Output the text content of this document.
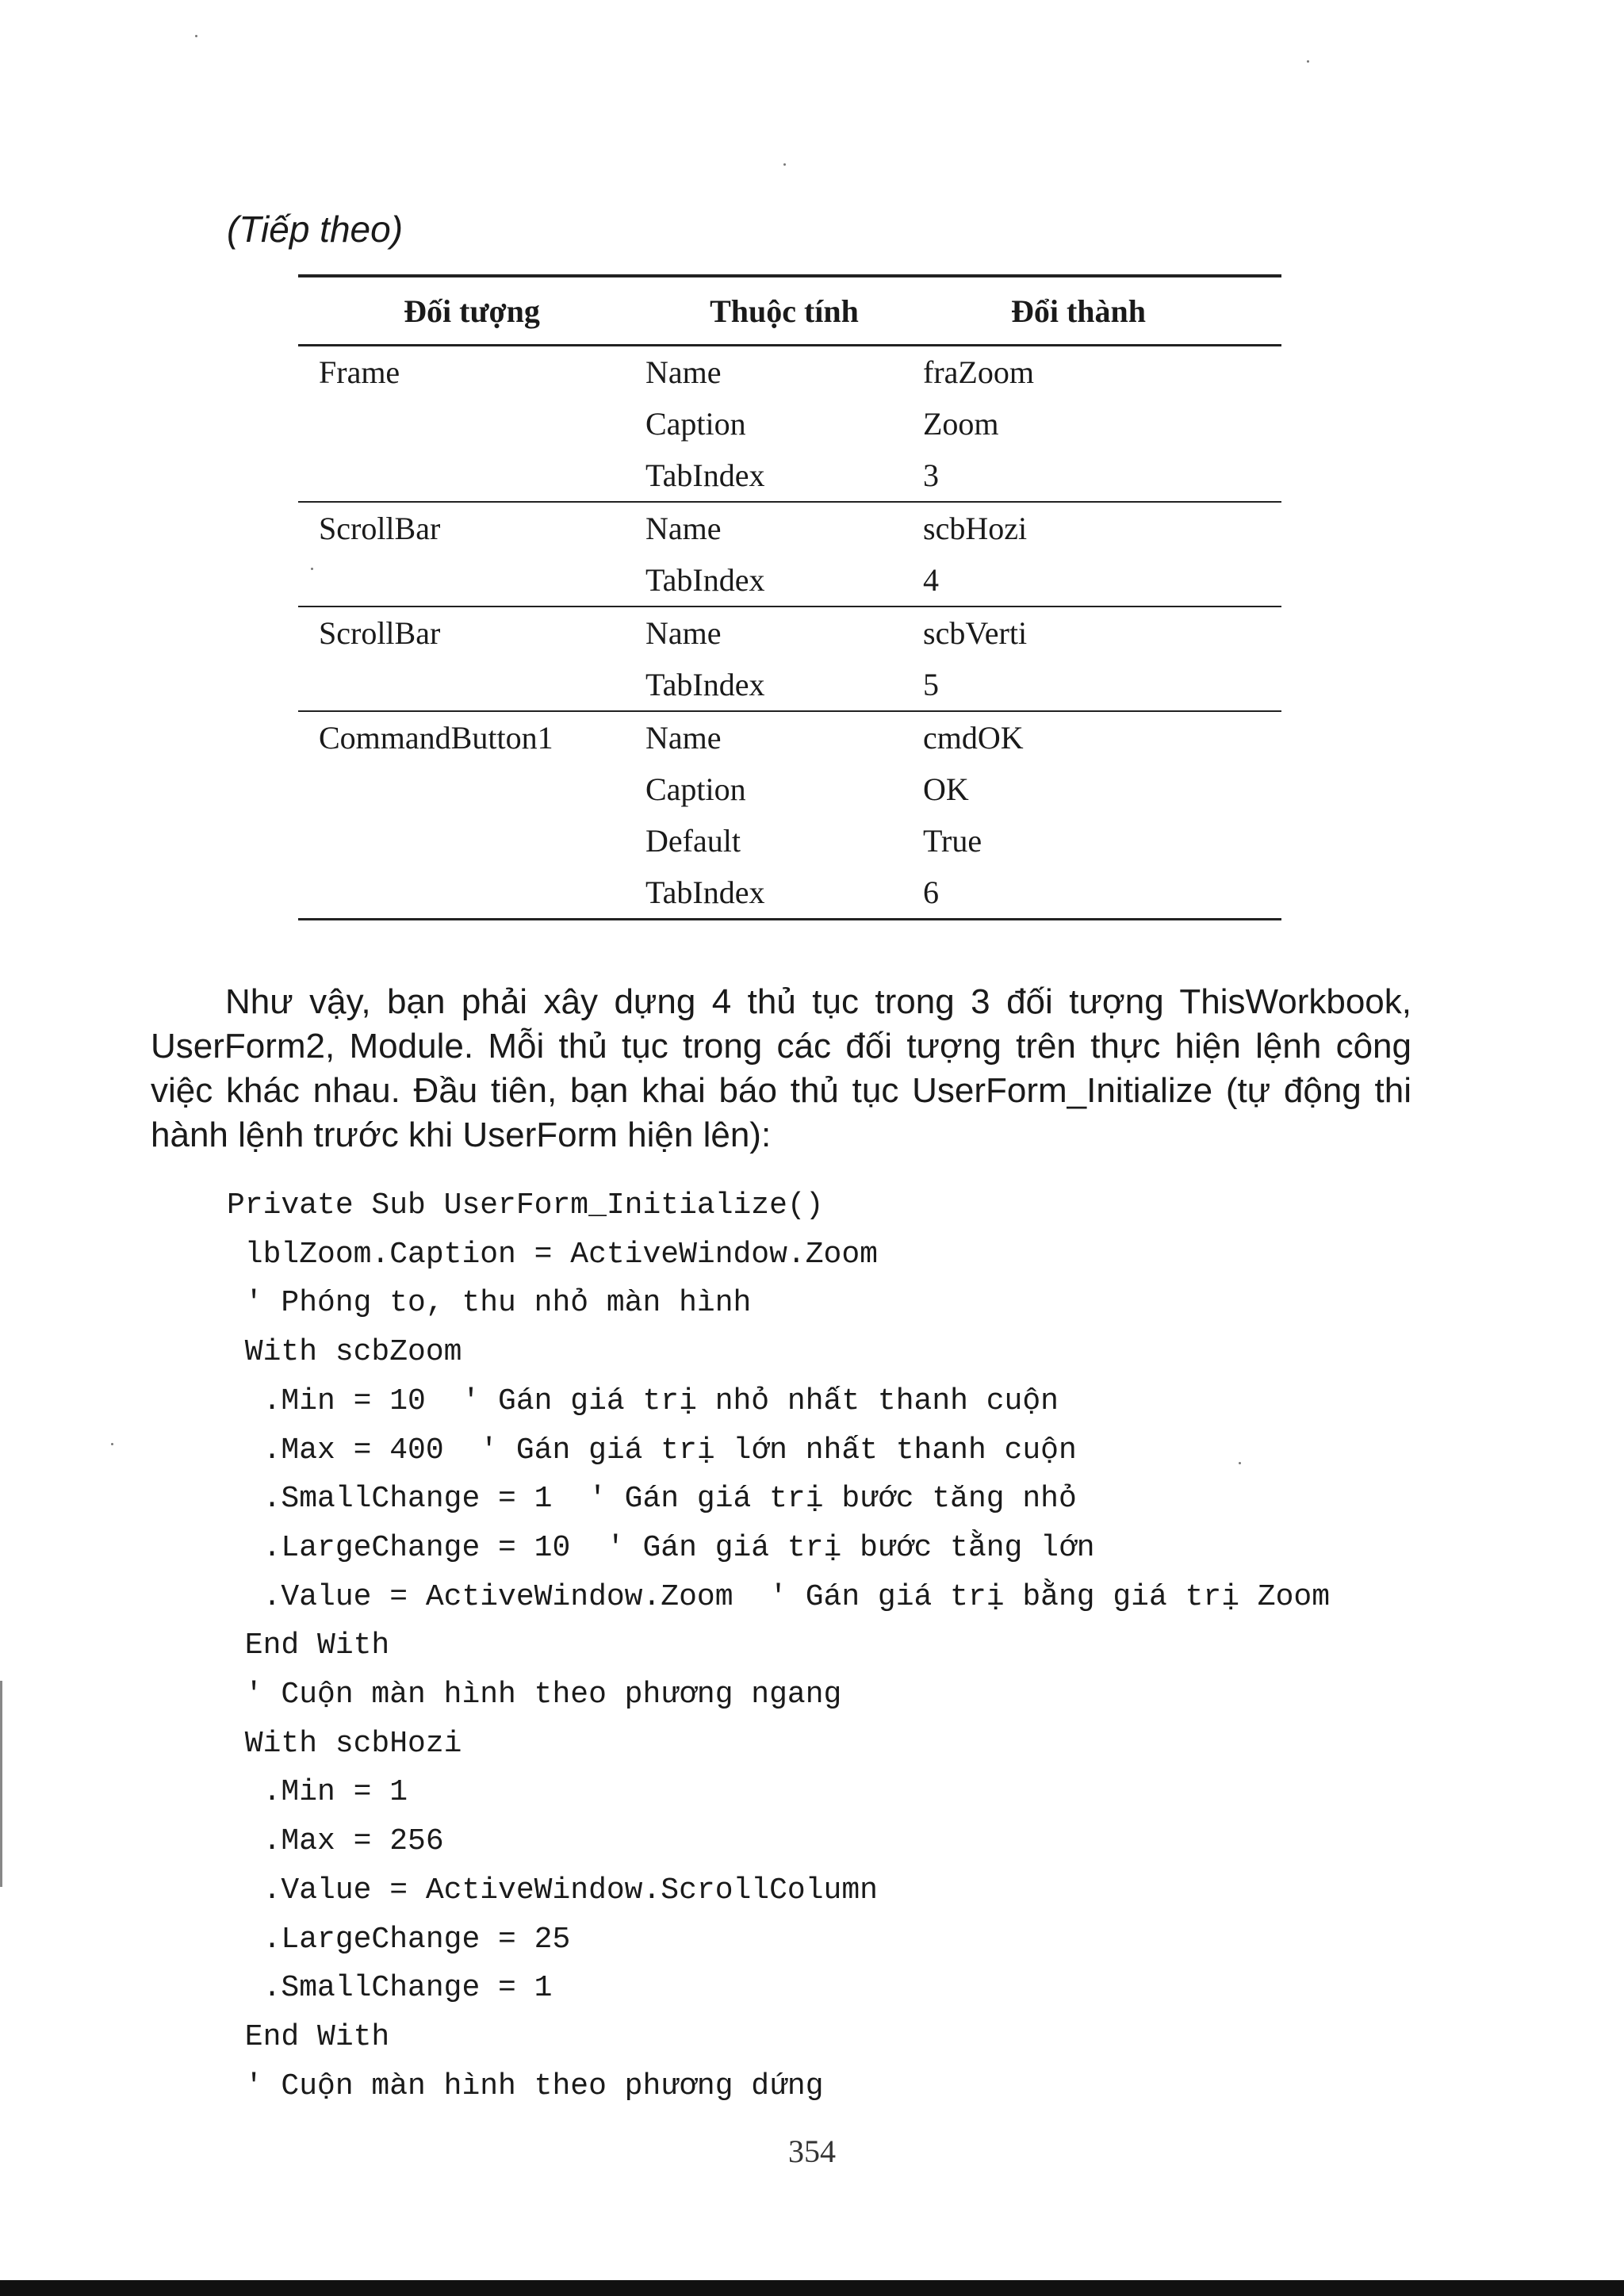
(Tiếp theo)
Đối tượng	Thuộc tính	Đổi thành
Frame	Name	fraZoom
	Caption	Zoom
	TabIndex	3
ScrollBar	Name	scbHozi
	TabIndex	4
ScrollBar	Name	scbVerti
	TabIndex	5
CommandButton1	Name	cmdOK
	Caption	OK
	Default	True
	TabIndex	6

Như vậy, bạn phải xây dựng 4 thủ tục trong 3 đối tượng ThisWorkbook, UserForm2, Module. Mỗi thủ tục trong các đối tượng trên thực hiện lệnh công việc khác nhau. Đầu tiên, bạn khai báo thủ tục UserForm_Initialize (tự động thi hành lệnh trước khi UserForm hiện lên):

Private Sub UserForm_Initialize()
lblZoom.Caption = ActiveWindow.Zoom
' Phóng to, thu nhỏ màn hình
With scbZoom
.Min = 10  ' Gán giá trị nhỏ nhất thanh cuộn
.Max = 400  ' Gán giá trị lớn nhất thanh cuộn
.SmallChange = 1  ' Gán giá trị bước tăng nhỏ
.LargeChange = 10  ' Gán giá trị bước tằng lớn
.Value = ActiveWindow.Zoom  ' Gán giá trị bằng giá trị Zoom
End With
' Cuộn màn hình theo phương ngang
With scbHozi
.Min = 1
.Max = 256
.Value = ActiveWindow.ScrollColumn
.LargeChange = 25
.SmallChange = 1
End With
' Cuộn màn hình theo phương dứng
354
